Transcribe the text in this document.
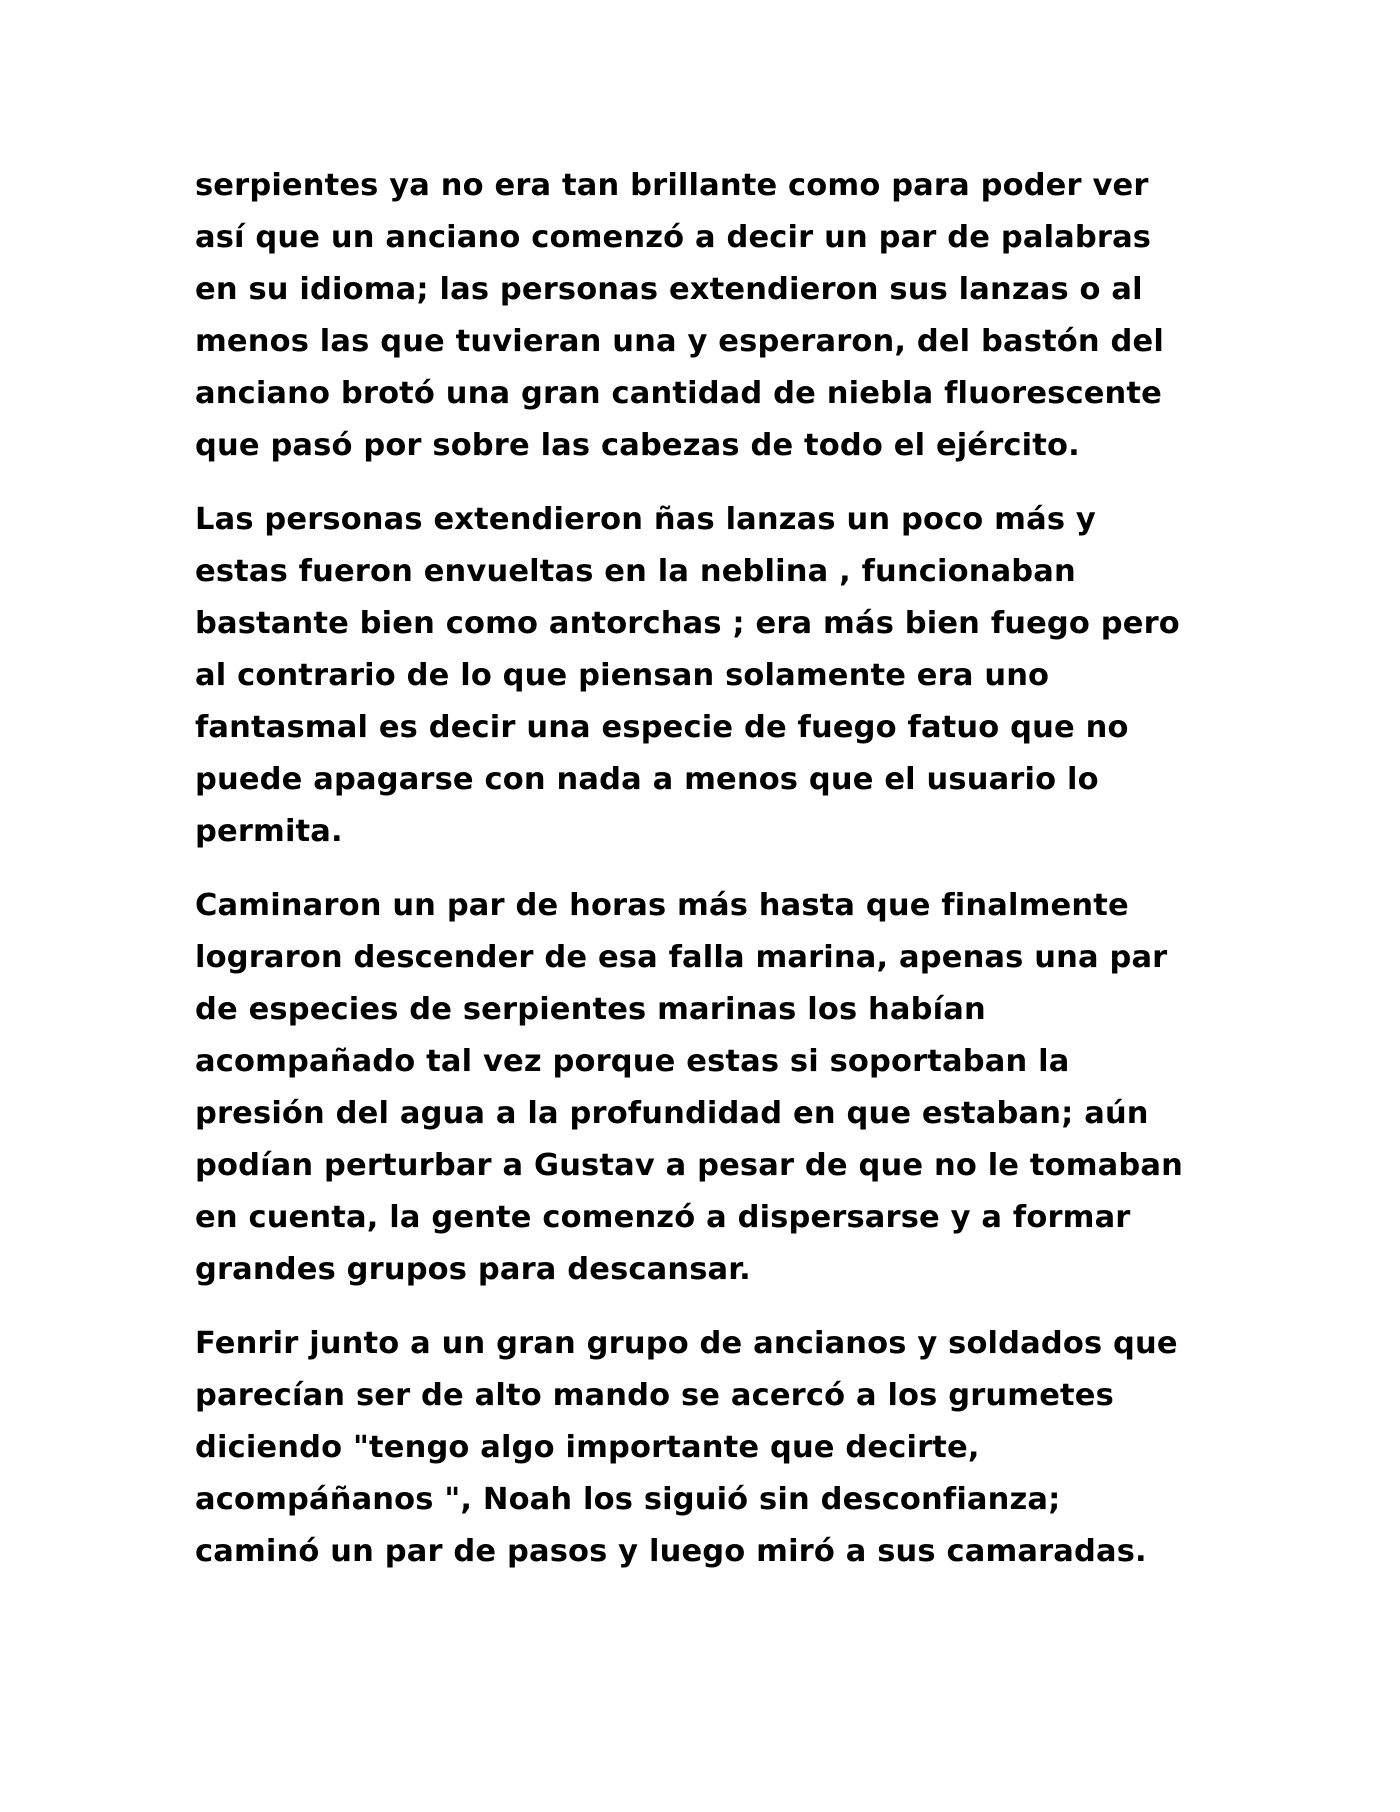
serpientes ya no era tan brillante como para poder ver
así que un anciano comenzó a decir un par de palabras
en su idioma; las personas extendieron sus lanzas o al
menos las que tuvieran una y esperaron, del bastón del
anciano brotó una gran cantidad de niebla fluorescente
que pasó por sobre las cabezas de todo el ejército.
Las personas extendieron ñas lanzas un poco más y
estas fueron envueltas en la neblina , funcionaban
bastante bien como antorchas ; era más bien fuego pero
al contrario de lo que piensan solamente era uno
fantasmal es decir una especie de fuego fatuo que no
puede apagarse con nada a menos que el usuario lo
permita.
Caminaron un par de horas más hasta que finalmente
lograron descender de esa falla marina, apenas una par
de especies de serpientes marinas los habían
acompañado tal vez porque estas si soportaban la
presión del agua a la profundidad en que estaban; aún
podían perturbar a Gustav a pesar de que no le tomaban
en cuenta, la gente comenzó a dispersarse y a formar
grandes grupos para descansar.
Fenrir junto a un gran grupo de ancianos y soldados que
parecían ser de alto mando se acercó a los grumetes
diciendo "tengo algo importante que decirte,
acompáñanos ", Noah los siguió sin desconfianza;
caminó un par de pasos y luego miró a sus camaradas.
